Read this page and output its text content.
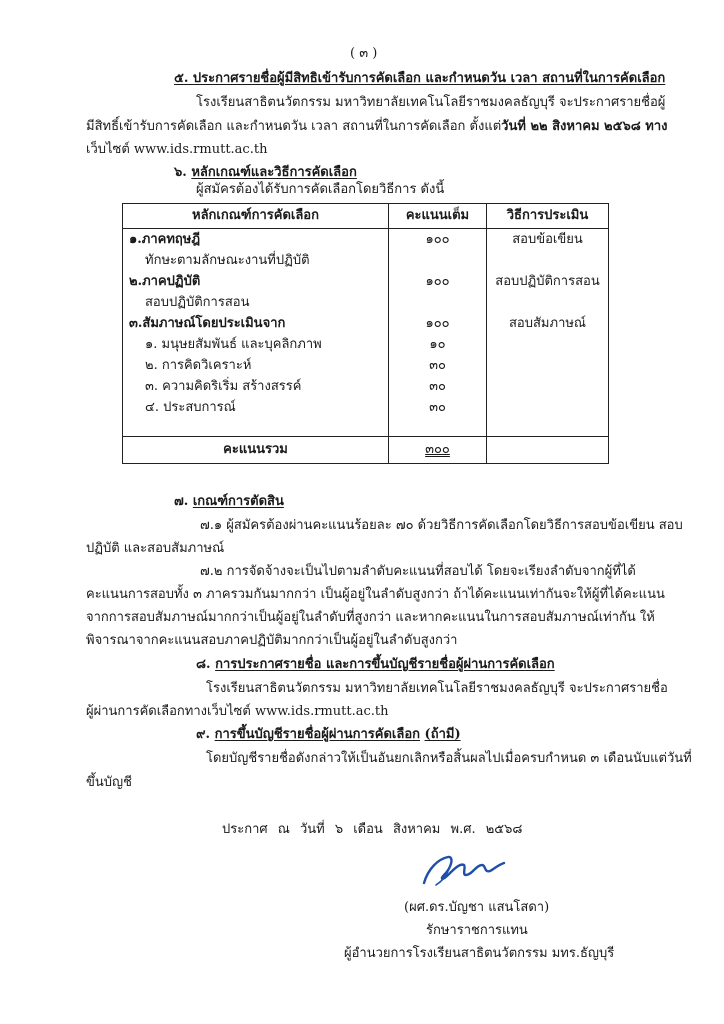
( ๓ )
๕. ประกาศรายชื่อผู้มีสิทธิเข้ารับการคัดเลือก และกำหนดวัน เวลา สถานที่ในการคัดเลือก
โรงเรียนสาธิตนวัตกรรม มหาวิทยาลัยเทคโนโลยีราชมงคลธัญบุรี จะประกาศรายชื่อผู้
มีสิทธิ์เข้ารับการคัดเลือก และกำหนดวัน เวลา สถานที่ในการคัดเลือก ตั้งแต่วันที่ ๒๒ สิงหาคม ๒๕๖๘ ทาง
เว็บไซต์ www.ids.rmutt.ac.th
๖. หลักเกณฑ์และวิธีการคัดเลือก
ผู้สมัครต้องได้รับการคัดเลือกโดยวิธีการ ดังนี้
หลักเกณฑ์การคัดเลือก	คะแนนเต็ม	วิธีการประเมิน
๑.ภาคทฤษฎี	๑๐๐	สอบข้อเขียน
ทักษะตามลักษณะงานที่ปฏิบัติ		
๒.ภาคปฏิบัติ	๑๐๐	สอบปฏิบัติการสอน
สอบปฏิบัติการสอน		
๓.สัมภาษณ์โดยประเมินจาก	๑๐๐	สอบสัมภาษณ์
๑. มนุษยสัมพันธ์ และบุคลิกภาพ	๑๐	
๒. การคิดวิเคราะห์	๓๐	
๓. ความคิดริเริ่ม สร้างสรรค์	๓๐	
๔. ประสบการณ์	๓๐	

คะแนนรวม	๓๐๐	
๗. เกณฑ์การตัดสิน
๗.๑ ผู้สมัครต้องผ่านคะแนนร้อยละ ๗๐ ด้วยวิธีการคัดเลือกโดยวิธีการสอบข้อเขียน สอบ
ปฏิบัติ และสอบสัมภาษณ์
๗.๒ การจัดจ้างจะเป็นไปตามลำดับคะแนนที่สอบได้ โดยจะเรียงลำดับจากผู้ที่ได้
คะแนนการสอบทั้ง ๓ ภาครวมกันมากกว่า เป็นผู้อยู่ในลำดับสูงกว่า ถ้าได้คะแนนเท่ากันจะให้ผู้ที่ได้คะแนน
จากการสอบสัมภาษณ์มากกว่าเป็นผู้อยู่ในลำดับที่สูงกว่า และหากคะแนนในการสอบสัมภาษณ์เท่ากัน ให้
พิจารณาจากคะแนนสอบภาคปฏิบัติมากกว่าเป็นผู้อยู่ในลำดับสูงกว่า
๘. การประกาศรายชื่อ และการขึ้นบัญชีรายชื่อผู้ผ่านการคัดเลือก
โรงเรียนสาธิตนวัตกรรม มหาวิทยาลัยเทคโนโลยีราชมงคลธัญบุรี จะประกาศรายชื่อ
ผู้ผ่านการคัดเลือกทางเว็บไซต์ www.ids.rmutt.ac.th
๙. การขึ้นบัญชีรายชื่อผู้ผ่านการคัดเลือก (ถ้ามี)
โดยบัญชีรายชื่อดังกล่าวให้เป็นอันยกเลิกหรือสิ้นผลไปเมื่อครบกำหนด ๓ เดือนนับแต่วันที่
ขึ้นบัญชี
ประกาศ ณ วันที่ ๖ เดือน สิงหาคม พ.ศ. ๒๕๖๘
(ผศ.ดร.บัญชา แสนโสดา)
รักษาราชการแทน
ผู้อำนวยการโรงเรียนสาธิตนวัตกรรม มทร.ธัญบุรี
